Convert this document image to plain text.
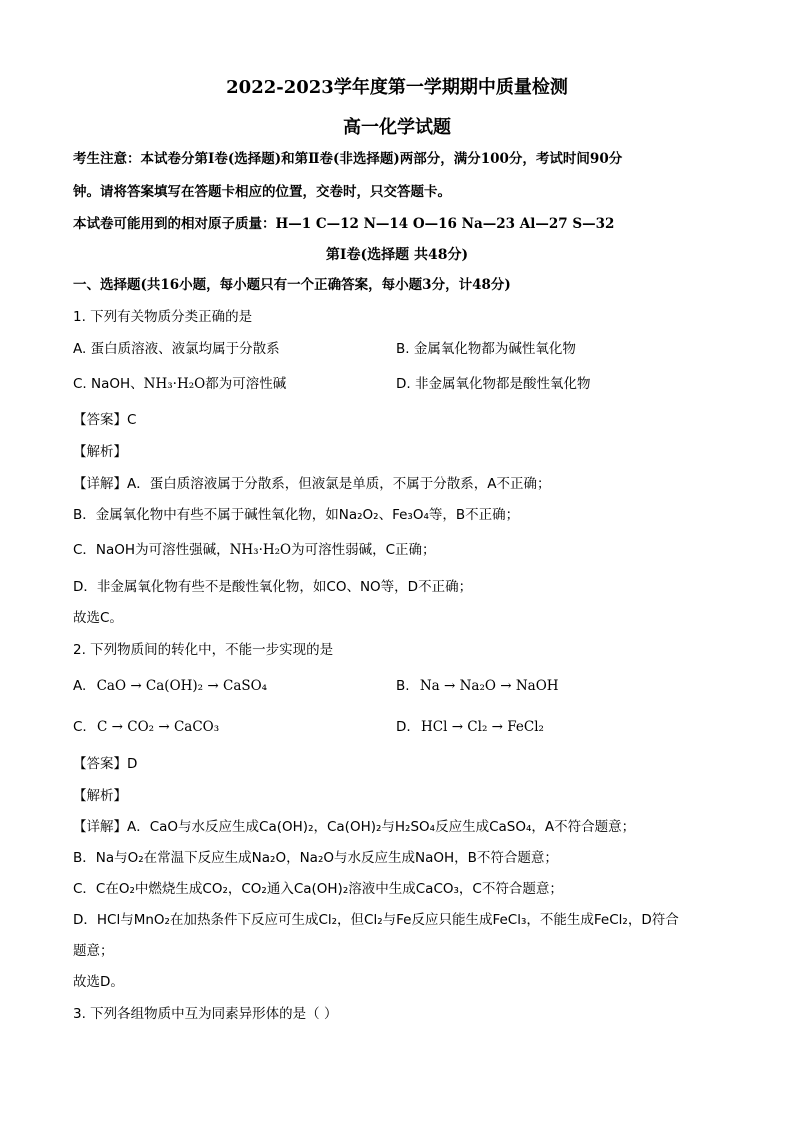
2022-2023学年度第一学期期中质量检测
高一化学试题
考生注意：本试卷分第Ⅰ卷(选择题)和第Ⅱ卷(非选择题)两部分，满分100分，考试时间90分
钟。请将答案填写在答题卡相应的位置，交卷时，只交答题卡。
本试卷可能用到的相对原子质量：H—1 C—12 N—14 O—16 Na—23 Al—27 S—32
第Ⅰ卷(选择题 共48分)
一、选择题(共16小题，每小题只有一个正确答案，每小题3分，计48分)
1. 下列有关物质分类正确的是
A. 蛋白质溶液、液氯均属于分散系	B. 金属氧化物都为碱性氧化物
C. NaOH、NH₃·H₂O都为可溶性碱	D. 非金属氧化物都是酸性氧化物
【答案】C
【解析】
【详解】A．蛋白质溶液属于分散系，但液氯是单质，不属于分散系，A不正确；
B．金属氧化物中有些不属于碱性氧化物，如Na₂O₂、Fe₃O₄等，B不正确；
C．NaOH为可溶性强碱，NH₃·H₂O为可溶性弱碱，C正确；
D．非金属氧化物有些不是酸性氧化物，如CO、NO等，D不正确；
故选C。
2. 下列物质间的转化中，不能一步实现的是
A. CaO → Ca(OH)₂ → CaSO₄	B. Na → Na₂O → NaOH
C. C → CO₂ → CaCO₃	D. HCl → Cl₂ → FeCl₂
【答案】D
【解析】
【详解】A．CaO与水反应生成Ca(OH)₂，Ca(OH)₂与H₂SO₄反应生成CaSO₄，A不符合题意；
B．Na与O₂在常温下反应生成Na₂O，Na₂O与水反应生成NaOH，B不符合题意；
C．C在O₂中燃烧生成CO₂，CO₂通入Ca(OH)₂溶液中生成CaCO₃，C不符合题意；
D．HCl与MnO₂在加热条件下反应可生成Cl₂，但Cl₂与Fe反应只能生成FeCl₃，不能生成FeCl₂，D符合
题意；
故选D。
3. 下列各组物质中互为同素异形体的是（ ）
